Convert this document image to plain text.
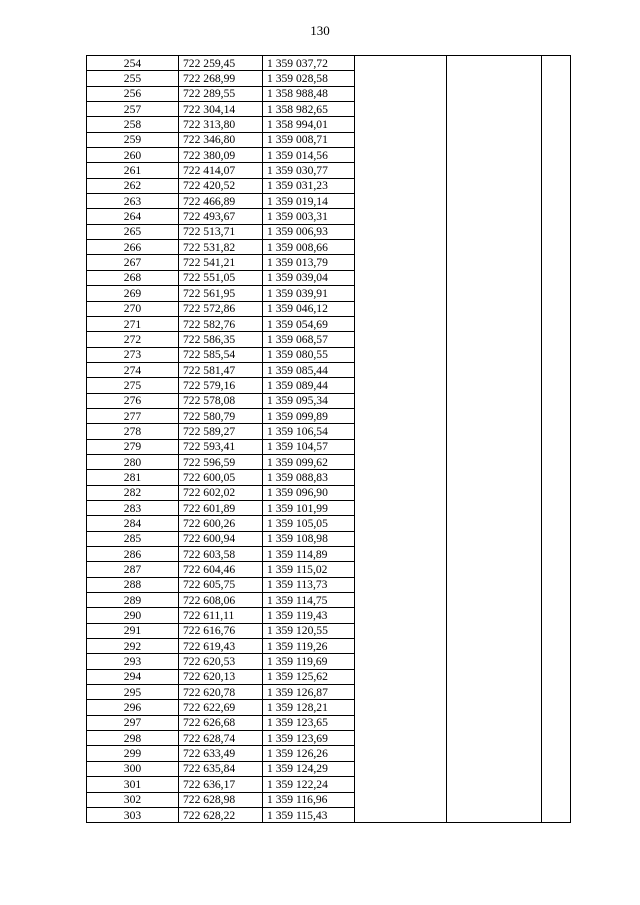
130
254	722 259,45	1 359 037,72			
255	722 268,99	1 359 028,58			
256	722 289,55	1 358 988,48			
257	722 304,14	1 358 982,65			
258	722 313,80	1 358 994,01			
259	722 346,80	1 359 008,71			
260	722 380,09	1 359 014,56			
261	722 414,07	1 359 030,77			
262	722 420,52	1 359 031,23			
263	722 466,89	1 359 019,14			
264	722 493,67	1 359 003,31			
265	722 513,71	1 359 006,93			
266	722 531,82	1 359 008,66			
267	722 541,21	1 359 013,79			
268	722 551,05	1 359 039,04			
269	722 561,95	1 359 039,91			
270	722 572,86	1 359 046,12			
271	722 582,76	1 359 054,69			
272	722 586,35	1 359 068,57			
273	722 585,54	1 359 080,55			
274	722 581,47	1 359 085,44			
275	722 579,16	1 359 089,44			
276	722 578,08	1 359 095,34			
277	722 580,79	1 359 099,89			
278	722 589,27	1 359 106,54			
279	722 593,41	1 359 104,57			
280	722 596,59	1 359 099,62			
281	722 600,05	1 359 088,83			
282	722 602,02	1 359 096,90			
283	722 601,89	1 359 101,99			
284	722 600,26	1 359 105,05			
285	722 600,94	1 359 108,98			
286	722 603,58	1 359 114,89			
287	722 604,46	1 359 115,02			
288	722 605,75	1 359 113,73			
289	722 608,06	1 359 114,75			
290	722 611,11	1 359 119,43			
291	722 616,76	1 359 120,55			
292	722 619,43	1 359 119,26			
293	722 620,53	1 359 119,69			
294	722 620,13	1 359 125,62			
295	722 620,78	1 359 126,87			
296	722 622,69	1 359 128,21			
297	722 626,68	1 359 123,65			
298	722 628,74	1 359 123,69			
299	722 633,49	1 359 126,26			
300	722 635,84	1 359 124,29			
301	722 636,17	1 359 122,24			
302	722 628,98	1 359 116,96			
303	722 628,22	1 359 115,43			
